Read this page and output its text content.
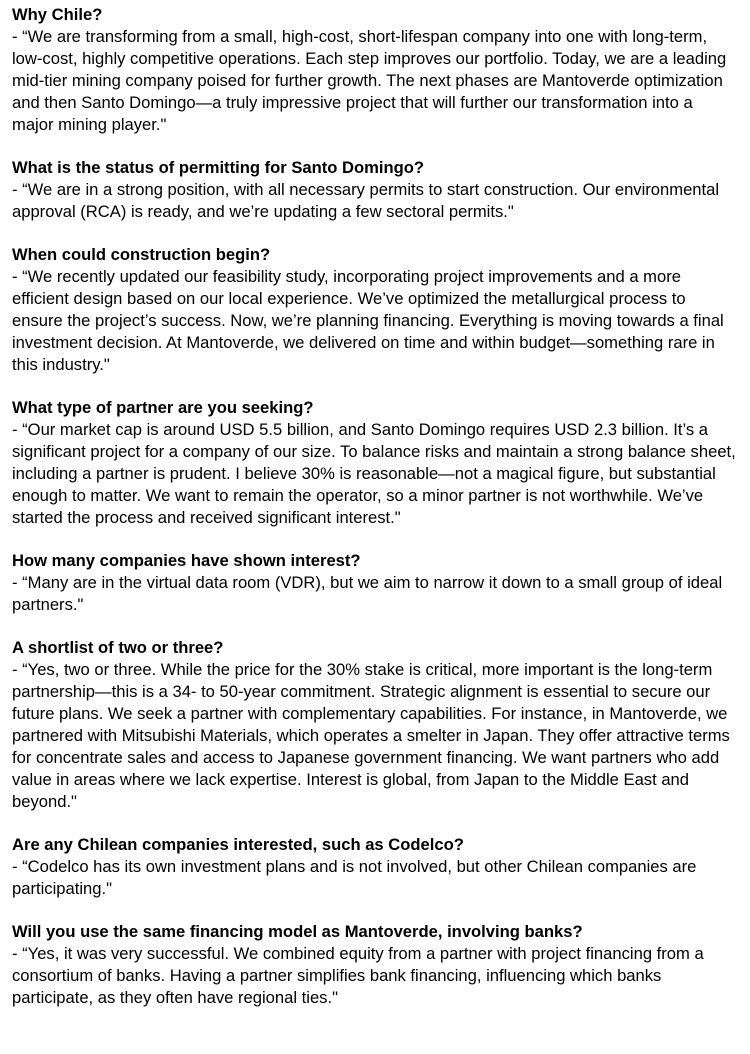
Why Chile?

- “We are transforming from a small, high-cost, short-lifespan company into one with long-term, low-cost, highly competitive operations. Each step improves our portfolio. Today, we are a leading mid-tier mining company poised for further growth. The next phases are Mantoverde optimization and then Santo Domingo—a truly impressive project that will further our transformation into a major mining player."

What is the status of permitting for Santo Domingo?

- “We are in a strong position, with all necessary permits to start construction. Our environmental approval (RCA) is ready, and we’re updating a few sectoral permits."

When could construction begin?

- “We recently updated our feasibility study, incorporating project improvements and a more efficient design based on our local experience. We’ve optimized the metallurgical process to ensure the project’s success. Now, we’re planning financing. Everything is moving towards a final investment decision. At Mantoverde, we delivered on time and within budget—something rare in this industry."

What type of partner are you seeking?

- “Our market cap is around USD 5.5 billion, and Santo Domingo requires USD 2.3 billion. It’s a significant project for a company of our size. To balance risks and maintain a strong balance sheet, including a partner is prudent. I believe 30% is reasonable—not a magical figure, but substantial enough to matter. We want to remain the operator, so a minor partner is not worthwhile. We’ve started the process and received significant interest."

How many companies have shown interest?

- “Many are in the virtual data room (VDR), but we aim to narrow it down to a small group of ideal partners."

A shortlist of two or three?

- “Yes, two or three. While the price for the 30% stake is critical, more important is the long-term partnership—this is a 34- to 50-year commitment. Strategic alignment is essential to secure our future plans. We seek a partner with complementary capabilities. For instance, in Mantoverde, we partnered with Mitsubishi Materials, which operates a smelter in Japan. They offer attractive terms for concentrate sales and access to Japanese government financing. We want partners who add value in areas where we lack expertise. Interest is global, from Japan to the Middle East and beyond."

Are any Chilean companies interested, such as Codelco?

- “Codelco has its own investment plans and is not involved, but other Chilean companies are participating."

Will you use the same financing model as Mantoverde, involving banks?

- “Yes, it was very successful. We combined equity from a partner with project financing from a consortium of banks. Having a partner simplifies bank financing, influencing which banks participate, as they often have regional ties."
